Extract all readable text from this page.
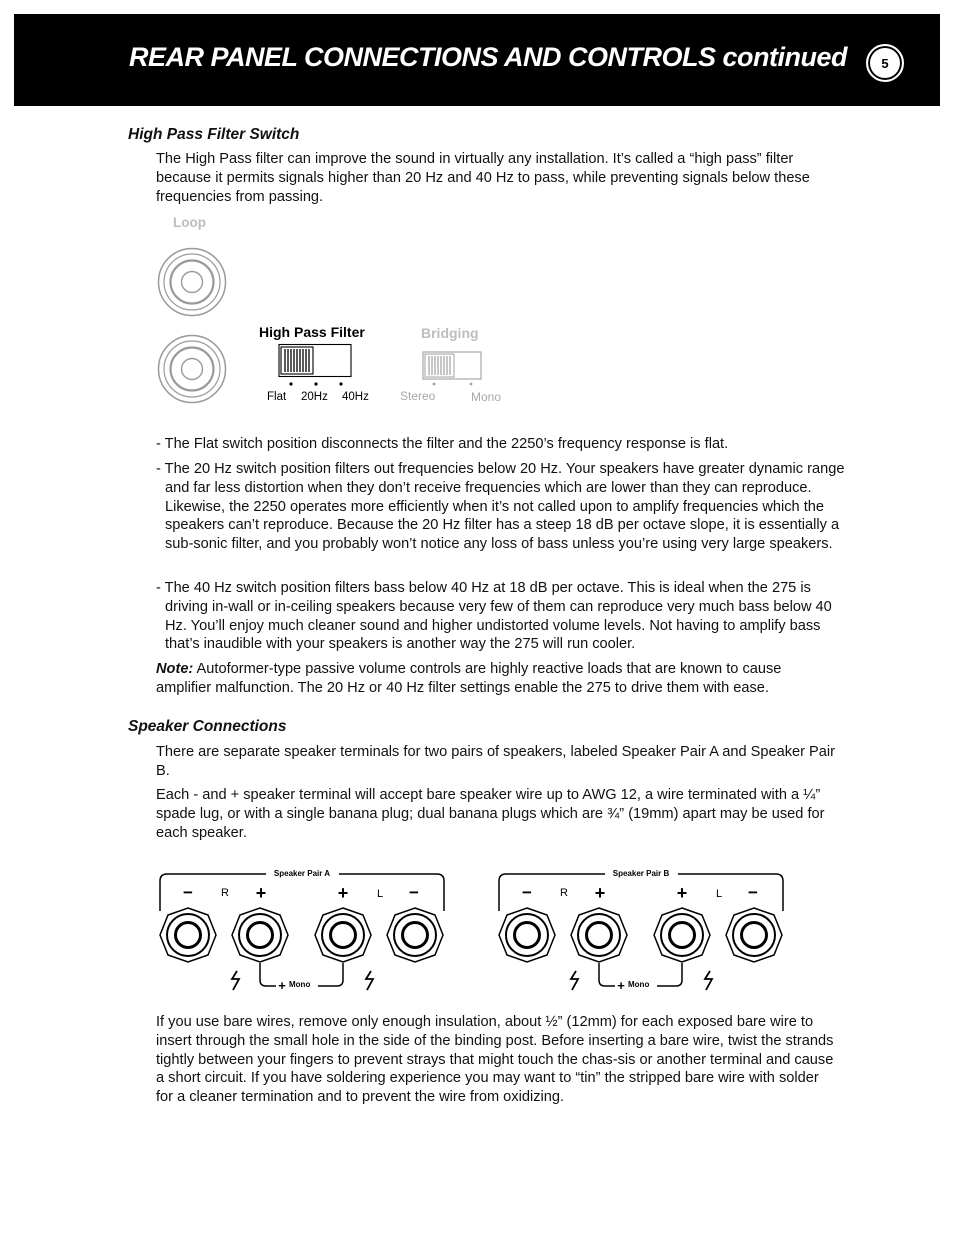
REAR PANEL CONNECTIONS AND CONTROLS continued	5
High Pass Filter Switch

The High Pass filter can improve the sound in virtually any installation. It’s called a “high pass” filter because it permits signals higher than 20 Hz and 40 Hz to pass, while preventing signals below these frequencies from passing.

Loop
High Pass Filter
Flat 20Hz 40Hz
Bridging
Stereo	Mono

- The Flat switch position disconnects the filter and the 2250’s frequency response is flat.

- The 20 Hz switch position filters out frequencies below 20 Hz. Your speakers have greater dynamic range and far less distortion when they don’t receive frequencies which are lower than they can reproduce. Likewise, the 2250 operates more efficiently when it’s not called upon to amplify frequencies which the speakers can’t reproduce. Because the 20 Hz filter has a steep 18 dB per octave slope, it is essentially a sub-sonic filter, and you probably won’t notice any loss of bass unless you’re using very large speakers.

- The 40 Hz switch position filters bass below 40 Hz at 18 dB per octave. This is ideal when the 275 is driving in-wall or in-ceiling speakers because very few of them can reproduce very much bass below 40 Hz. You’ll enjoy much cleaner sound and higher undistorted volume levels. Not having to amplify bass that’s inaudible with your speakers is another way the 275 will run cooler.

Note: Autoformer-type passive volume controls are highly reactive loads that are known to cause amplifier malfunction. The 20 Hz or 40 Hz filter settings enable the 275 to drive them with ease.

Speaker Connections

There are separate speaker terminals for two pairs of speakers, labeled Speaker Pair A and Speaker Pair B.

Each - and + speaker terminal will accept bare speaker wire up to AWG 12, a wire terminated with a ¼” spade lug, or with a single banana plug; dual banana plugs which are ¾” (19mm) apart may be used for each speaker.

Speaker Pair A
−	R +	+	L −
+ Mono
Speaker Pair B
−	R +	+	L −
+ Mono

If you use bare wires, remove only enough insulation, about ½” (12mm) for each exposed bare wire to insert through the small hole in the side of the binding post. Before inserting a bare wire, twist the strands tightly between your fingers to prevent strays that might touch the chas-sis or another terminal and cause a short circuit. If you have soldering experience you may want to “tin” the stripped bare wire with solder for a cleaner termination and to prevent the wire from oxidizing.
